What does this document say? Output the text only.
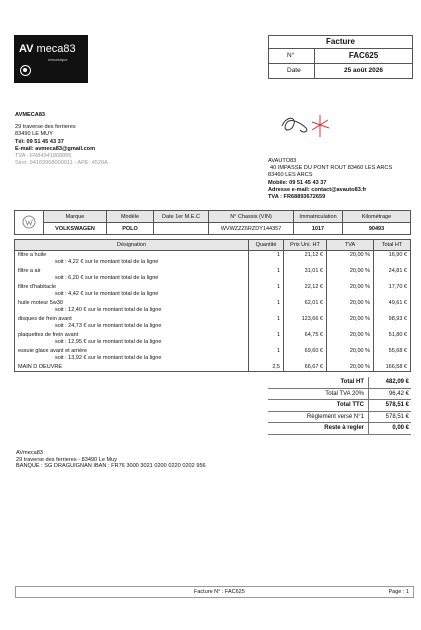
AV meca83
mécanique
Facture
N°	FAC625
Date	25 août 2026
AVMECA83
29 traverse des ferrieres
83490 LE MUY
Tél: 09 51 45 43 37
E-mail: avmeca83@gmail.com
TVA : FR84941868886
Siret: 94169968000011 - APE: 4520A	AVAUTO83
40 IMPASSE DU PONT ROUT 83460 LES ARCS
83460 LES ARCS
Mobile: 09 51 45 43 37
Adresse e-mail: contact@avauto83.fr
TVA : FR68893672659
	Marque	Modèle	Date 1er M.E.C	N° Chassis (VIN)	Immatriculation	Kilométrage
	VOLKSWAGEN	POLO		WVWZZZ6RZDY144357	1017	90493
Désignation	Quantité	Prix Uni. HT	TVA	Total HT
filtre a huile	1	21,12 €	20,00 %	16,90 €
soit : 4,22 € sur le montant total de la ligne				
filtre a air	1	31,01 €	20,00 %	24,81 €
soit : 6,20 € sur le montant total de la ligne				
filtre d'habitacle	1	22,12 €	20,00 %	17,70 €
soit : 4,42 € sur le montant total de la ligne				
huile moteur 5w30	1	62,01 €	20,00 %	49,61 €
soit : 12,40 € sur le montant total de la ligne				
disques de frein avant	1	123,66 €	20,00 %	98,93 €
soit : 24,73 € sur le montant total de la ligne				
plaquettes de frein avant	1	64,75 €	20,00 %	51,80 €
soit : 12,95 € sur le montant total de la ligne				
essuie glace avant et arrière	1	69,60 €	20,00 %	55,68 €
soit : 13,92 € sur le montant total de la ligne				
MAIN D OEUVRE	2,5	66,67 €	20,00 %	166,58 €
Total HT	482,09 €
Total TVA 20%	96,42 €
Total TTC	578,51 €
Règlement versé N°1	578,51 €
Reste à regler	0,00 €
AVmeca83
29 traverse des ferrieres - 83490 Le Muy
BANQUE : SG DRAGUIGNAN IBAN : FR76 3000 3021 0200 0220 0202 956
Facture N° : FAC625	Page : 1
